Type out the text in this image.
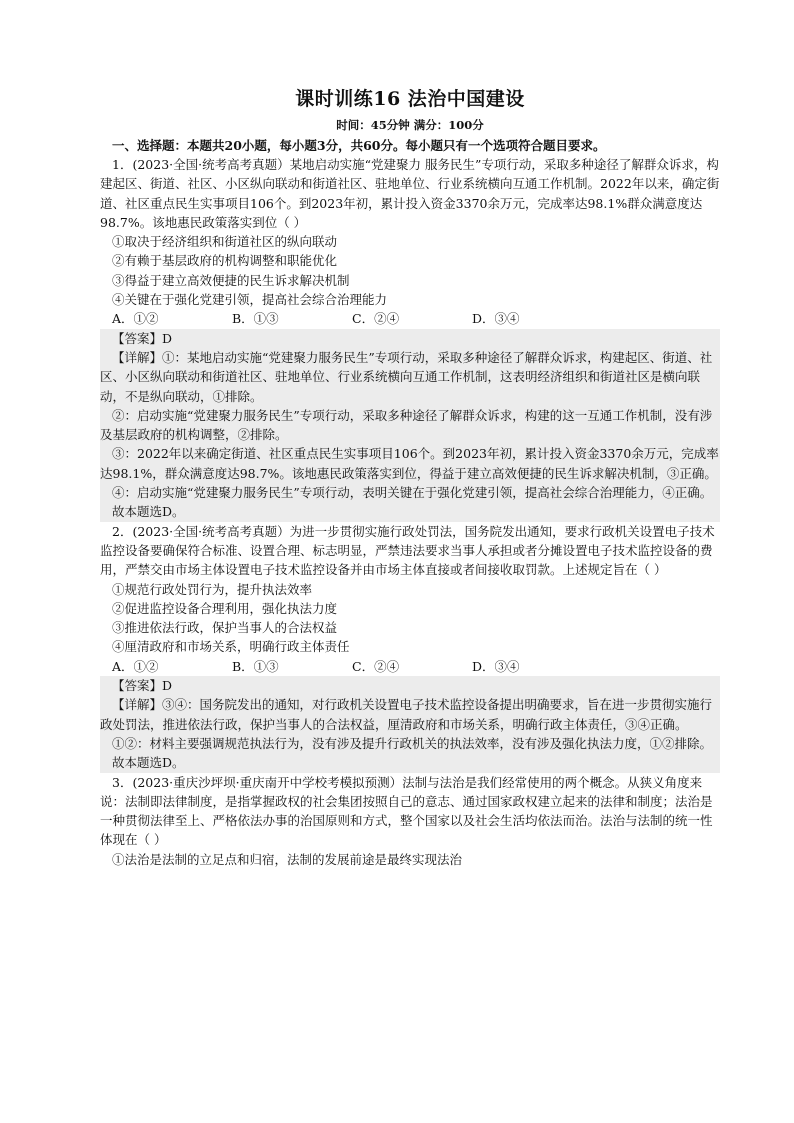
课时训练16 法治中国建设
时间：45分钟 满分：100分
一、选择题：本题共20小题，每小题3分，共60分。每小题只有一个选项符合题目要求。

1．(2023·全国·统考高考真题）某地启动实施“党建聚力 服务民生”专项行动，采取多种途径了解群众诉求，构建起区、街道、社区、小区纵向联动和街道社区、驻地单位、行业系统横向互通工作机制。2022年以来，确定街道、社区重点民生实事项目106个。到2023年初，累计投入资金3370余万元，完成率达98.1%群众满意度达98.7%。该地惠民政策落实到位（ ）

①取决于经济组织和街道社区的纵向联动

②有赖于基层政府的机构调整和职能优化

③得益于建立高效便捷的民生诉求解决机制

④关键在于强化党建引领，提高社会综合治理能力

A．①②	B．①③	C．②④	D．③④

【答案】D

【详解】①：某地启动实施“党建聚力服务民生”专项行动，采取多种途径了解群众诉求，构建起区、街道、社区、小区纵向联动和街道社区、驻地单位、行业系统横向互通工作机制，这表明经济组织和街道社区是横向联动，不是纵向联动，①排除。

②：启动实施“党建聚力服务民生”专项行动，采取多种途径了解群众诉求，构建的这一互通工作机制，没有涉及基层政府的机构调整，②排除。

③：2022年以来确定街道、社区重点民生实事项目106个。到2023年初，累计投入资金3370余万元，完成率达98.1%，群众满意度达98.7%。该地惠民政策落实到位，得益于建立高效便捷的民生诉求解决机制，③正确。

④：启动实施“党建聚力服务民生”专项行动，表明关键在于强化党建引领，提高社会综合治理能力，④正确。

故本题选D。

2．(2023·全国·统考高考真题）为进一步贯彻实施行政处罚法，国务院发出通知，要求行政机关设置电子技术监控设备要确保符合标准、设置合理、标志明显，严禁违法要求当事人承担或者分摊设置电子技术监控设备的费用，严禁交由市场主体设置电子技术监控设备并由市场主体直接或者间接收取罚款。上述规定旨在（ ）

①规范行政处罚行为，提升执法效率

②促进监控设备合理利用，强化执法力度

③推进依法行政，保护当事人的合法权益

④厘清政府和市场关系，明确行政主体责任

A．①②	B．①③	C．②④	D．③④

【答案】D

【详解】③④：国务院发出的通知，对行政机关设置电子技术监控设备提出明确要求，旨在进一步贯彻实施行政处罚法，推进依法行政，保护当事人的合法权益，厘清政府和市场关系，明确行政主体责任，③④正确。

①②：材料主要强调规范执法行为，没有涉及提升行政机关的执法效率，没有涉及强化执法力度，①②排除。

故本题选D。

3．(2023·重庆沙坪坝·重庆南开中学校考模拟预测）法制与法治是我们经常使用的两个概念。从狭义角度来说：法制即法律制度，是指掌握政权的社会集团按照自己的意志、通过国家政权建立起来的法律和制度；法治是一种贯彻法律至上、严格依法办事的治国原则和方式，整个国家以及社会生活均依法而治。法治与法制的统一性体现在（ ）

①法治是法制的立足点和归宿，法制的发展前途是最终实现法治
